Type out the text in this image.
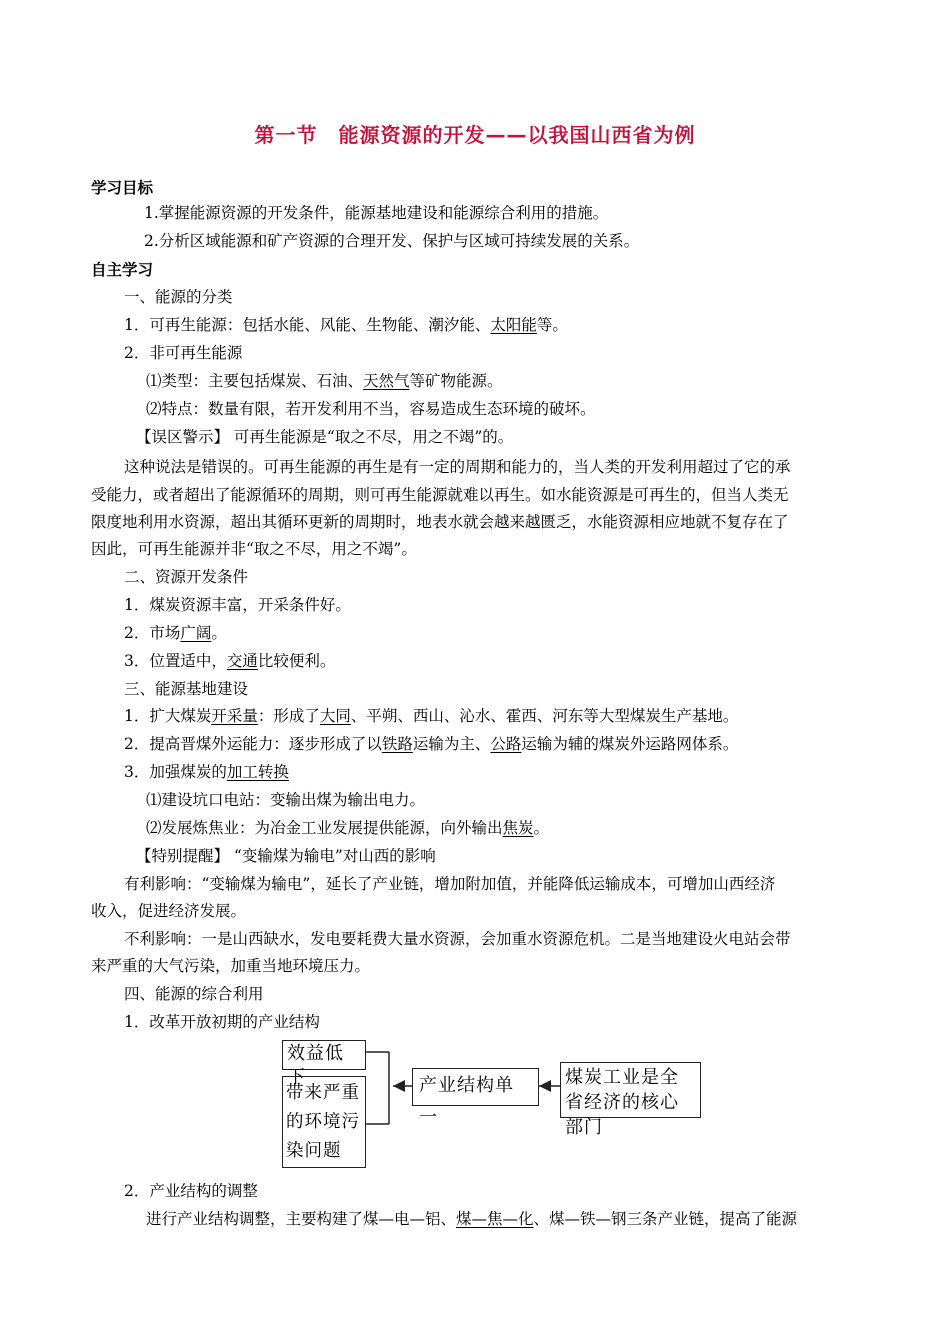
第一节　能源资源的开发——以我国山西省为例
学习目标
1.掌握能源资源的开发条件，能源基地建设和能源综合利用的措施。
2.分析区域能源和矿产资源的合理开发、保护与区域可持续发展的关系。
自主学习
一、能源的分类
1．可再生能源：包括水能、风能、生物能、潮汐能、太阳能等。
2．非可再生能源
⑴类型：主要包括煤炭、石油、天然气等矿物能源。
⑵特点：数量有限，若开发利用不当，容易造成生态环境的破坏。
【误区警示】 可再生能源是“取之不尽，用之不竭”的。
这种说法是错误的。可再生能源的再生是有一定的周期和能力的，当人类的开发利用超过了它的承
受能力，或者超出了能源循环的周期，则可再生能源就难以再生。如水能资源是可再生的，但当人类无
限度地利用水资源，超出其循环更新的周期时，地表水就会越来越匮乏，水能资源相应地就不复存在了
因此，可再生能源并非“取之不尽，用之不竭”。
二、资源开发条件
1．煤炭资源丰富，开采条件好。
2．市场广阔。
3．位置适中，交通比较便利。
三、能源基地建设
1．扩大煤炭开采量：形成了大同、平朔、西山、沁水、霍西、河东等大型煤炭生产基地。
2．提高晋煤外运能力：逐步形成了以铁路运输为主、公路运输为辅的煤炭外运路网体系。
3．加强煤炭的加工转换
⑴建设坑口电站：变输出煤为输出电力。
⑵发展炼焦业：为冶金工业发展提供能源，向外输出焦炭。
【特别提醒】 “变输煤为输电”对山西的影响
有利影响：“变输煤为输电”，延长了产业链，增加附加值，并能降低运输成本，可增加山西经济
收入，促进经济发展。
不利影响：一是山西缺水，发电要耗费大量水资源，会加重水资源危机。二是当地建设火电站会带
来严重的大气污染，加重当地环境压力。
四、能源的综合利用
1．改革开放初期的产业结构
效益低下
带来严重的环境污染问题
产业结构单一
煤炭工业是全省经济的核心部门
2．产业结构的调整
进行产业结构调整，主要构建了煤—电—铝、煤—焦—化、煤—铁—钢三条产业链，提高了能源
